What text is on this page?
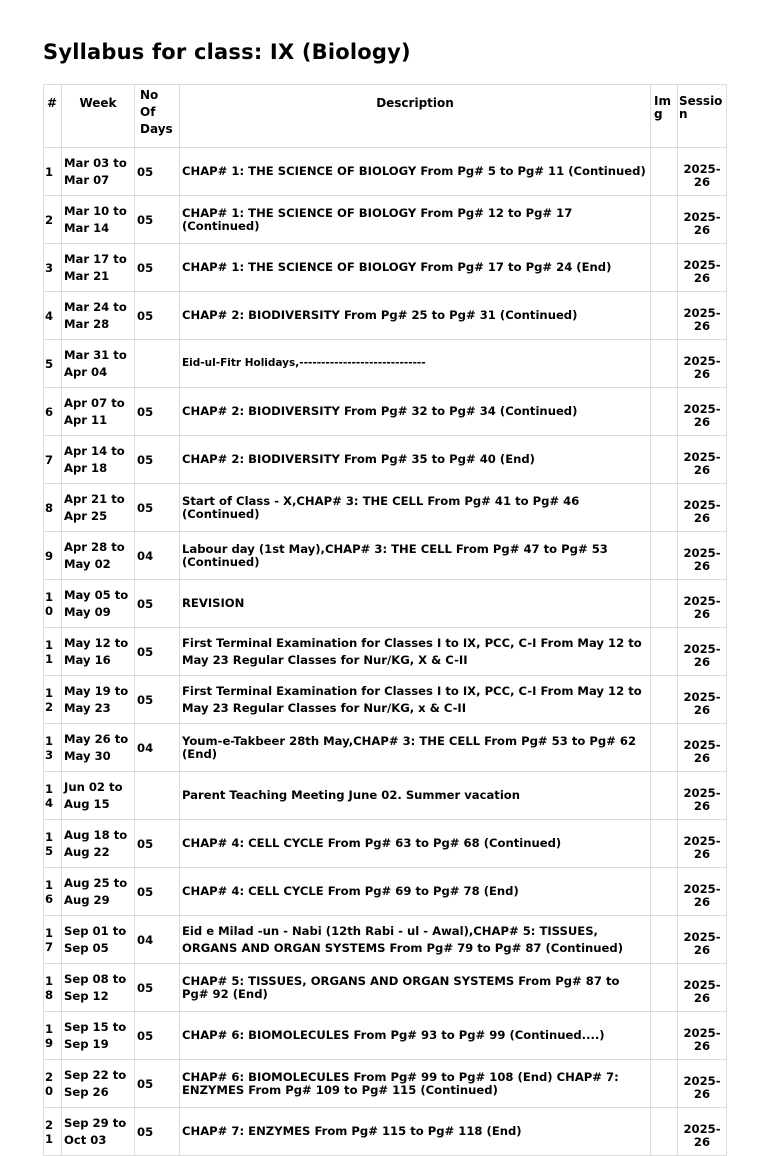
Syllabus for class: IX (Biology)
#	Week	No Of Days	Description	Img	Session
1	Mar 03 to Mar 07	05	CHAP# 1: THE SCIENCE OF BIOLOGY From Pg# 5 to Pg# 11 (Continued)		2025-26
2	Mar 10 to Mar 14	05	CHAP# 1: THE SCIENCE OF BIOLOGY From Pg# 12 to Pg# 17 (Continued)		2025-26
3	Mar 17 to Mar 21	05	CHAP# 1: THE SCIENCE OF BIOLOGY From Pg# 17 to Pg# 24 (End)		2025-26
4	Mar 24 to Mar 28	05	CHAP# 2: BIODIVERSITY From Pg# 25 to Pg# 31 (Continued)		2025-26
5	Mar 31 to Apr 04		Eid-ul-Fitr Holidays,-----------------------------		2025-26
6	Apr 07 to Apr 11	05	CHAP# 2: BIODIVERSITY From Pg# 32 to Pg# 34 (Continued)		2025-26
7	Apr 14 to Apr 18	05	CHAP# 2: BIODIVERSITY From Pg# 35 to Pg# 40 (End)		2025-26
8	Apr 21 to Apr 25	05	Start of Class - X,CHAP# 3: THE CELL From Pg# 41 to Pg# 46 (Continued)		2025-26
9	Apr 28 to May 02	04	Labour day (1st May),CHAP# 3: THE CELL From Pg# 47 to Pg# 53 (Continued)		2025-26
10	May 05 to May 09	05	REVISION		2025-26
11	May 12 to May 16	05	First Terminal Examination for Classes I to IX, PCC, C-I From May 12 to May 23 Regular Classes for Nur/KG, X & C-II		2025-26
12	May 19 to May 23	05	First Terminal Examination for Classes I to IX, PCC, C-I From May 12 to May 23 Regular Classes for Nur/KG, x & C-II		2025-26
13	May 26 to May 30	04	Youm-e-Takbeer 28th May,CHAP# 3: THE CELL From Pg# 53 to Pg# 62 (End)		2025-26
14	Jun 02 to Aug 15		Parent Teaching Meeting June 02. Summer vacation		2025-26
15	Aug 18 to Aug 22	05	CHAP# 4: CELL CYCLE From Pg# 63 to Pg# 68 (Continued)		2025-26
16	Aug 25 to Aug 29	05	CHAP# 4: CELL CYCLE From Pg# 69 to Pg# 78 (End)		2025-26
17	Sep 01 to Sep 05	04	Eid e Milad -un - Nabi (12th Rabi - ul - Awal),CHAP# 5: TISSUES, ORGANS AND ORGAN SYSTEMS From Pg# 79 to Pg# 87 (Continued)		2025-26
18	Sep 08 to Sep 12	05	CHAP# 5: TISSUES, ORGANS AND ORGAN SYSTEMS From Pg# 87 to Pg# 92 (End)		2025-26
19	Sep 15 to Sep 19	05	CHAP# 6: BIOMOLECULES From Pg# 93 to Pg# 99 (Continued....)		2025-26
20	Sep 22 to Sep 26	05	CHAP# 6: BIOMOLECULES From Pg# 99 to Pg# 108 (End) CHAP# 7: ENZYMES From Pg# 109 to Pg# 115 (Continued)		2025-26
21	Sep 29 to Oct 03	05	CHAP# 7: ENZYMES From Pg# 115 to Pg# 118 (End)		2025-26
